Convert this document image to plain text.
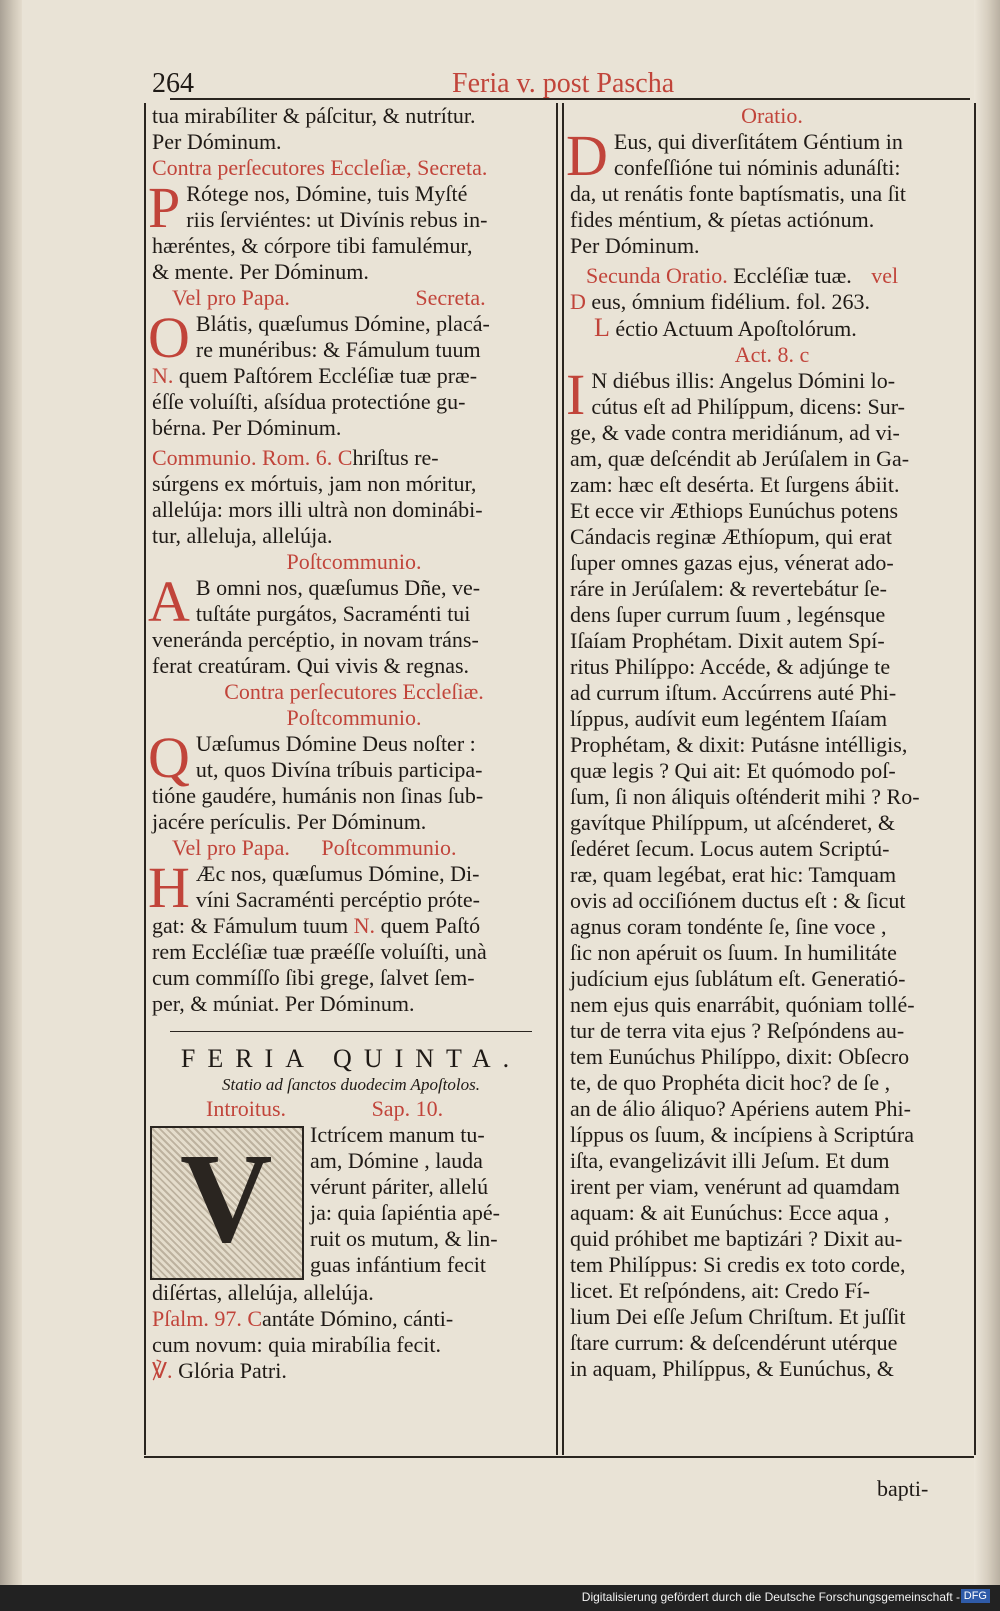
264	Feria v. post Pascha
tua mirabíliter & páſcitur, & nutrítur.
Per Dóminum.
Contra perſecutores Eccleſiæ, Secreta.
P Rótege nos, Dómine, tuis Myſté
riis ſerviéntes: ut Divínis rebus in-
hæréntes, & córpore tibi famulémur,
& mente. Per Dóminum.
Vel pro Papa.	Secreta.
O Blátis, quæſumus Dómine, placá-
re munéribus: & Fámulum tuum
N. quem Paſtórem Eccléſiæ tuæ præ-
éſſe voluíſti, aſsídua protectióne gu-
bérna. Per Dóminum.
Communio. Rom. 6. Chriſtus re-
súrgens ex mórtuis, jam non móritur,
allelúja: mors illi ultrà non dominábi-
tur, alleluja, allelúja.
Poſtcommunio.
A B omni nos, quæſumus Dñe, ve-
tuſtáte purgátos, Sacraménti tui
veneránda percéptio, in novam tráns-
ferat creatúram. Qui vivis & regnas.
Contra perſecutores Eccleſiæ.
Poſtcommunio.
Q Uæſumus Dómine Deus noſter :
ut, quos Divína tríbuis participa-
tióne gaudére, humánis non ſinas ſub-
jacére perículis. Per Dóminum.
Vel pro Papa. Poſtcommunio.
H Æc nos, quæſumus Dómine, Di-
víni Sacraménti percéptio próte-
gat: & Fámulum tuum N. quem Paſtó
rem Eccléſiæ tuæ præéſſe voluíſti, unà
cum commíſſo ſibi grege, ſalvet ſem-
per, & múniat. Per Dóminum.
FERIA QUINTA.
Statio ad ſanctos duodecim Apoſtolos.
Introitus.	Sap. 10.
V	Ictrícem manum tu-
am, Dómine , lauda
vérunt páriter, allelú
ja: quia ſapiéntia apé-
ruit os mutum, & lin-
guas infántium fecit
diſértas, allelúja, allelúja.
Pſalm. 97. Cantáte Dómino, cánti-
cum novum: quia mirabília fecit.
℣. Glória Patri.
Oratio.
D Eus, qui diverſitátem Géntium in
confeſſióne tui nóminis adunáſti:
da, ut renátis fonte baptísmatis, una ſit
fides méntium, & píetas actiónum.
Per Dóminum.
Secunda Oratio. Eccléſiæ tuæ. vel
D eus, ómnium fidélium. fol. 263.
L éctio Actuum Apoſtolórum.
Act. 8. c
I N diébus illis: Angelus Dómini lo-
cútus eſt ad Philíppum, dicens: Sur-
ge, & vade contra meridiánum, ad vi-
am, quæ deſcéndit ab Jerúſalem in Ga-
zam: hæc eſt desérta. Et ſurgens ábiit.
Et ecce vir Æthiops Eunúchus potens
Cándacis reginæ Æthíopum, qui erat
ſuper omnes gazas ejus, vénerat ado-
ráre in Jerúſalem: & revertebátur ſe-
dens ſuper currum ſuum , legénsque
Iſaíam Prophétam. Dixit autem Spí-
ritus Philíppo: Accéde, & adjúnge te
ad currum iſtum. Accúrrens auté Phi-
líppus, audívit eum legéntem Iſaíam
Prophétam, & dixit: Putásne intélligis,
quæ legis ? Qui ait: Et quómodo poſ-
ſum, ſi non áliquis oſténderit mihi ? Ro-
gavítque Philíppum, ut aſcénderet, &
ſedéret ſecum. Locus autem Scriptú-
ræ, quam legébat, erat hic: Tamquam
ovis ad occiſiónem ductus eſt : & ſicut
agnus coram tondénte ſe, ſine voce ,
ſic non apéruit os ſuum. In humilitáte
judícium ejus ſublátum eſt. Generatió-
nem ejus quis enarrábit, quóniam tollé-
tur de terra vita ejus ? Reſpóndens au-
tem Eunúchus Philíppo, dixit: Obſecro
te, de quo Prophéta dicit hoc? de ſe ,
an de álio áliquo? Apériens autem Phi-
líppus os ſuum, & incípiens à Scriptúra
iſta, evangelizávit illi Jeſum. Et dum
irent per viam, venérunt ad quamdam
aquam: & ait Eunúchus: Ecce aqua ,
quid próhibet me baptizári ? Dixit au-
tem Philíppus: Si credis ex toto corde,
licet. Et reſpóndens, ait: Credo Fí-
lium Dei eſſe Jeſum Chriſtum. Et juſſit
ſtare currum: & deſcendérunt utérque
in aquam, Philíppus, & Eunúchus, &
bapti-
Digitalisierung gefördert durch die Deutsche Forschungsgemeinschaft - DFG
